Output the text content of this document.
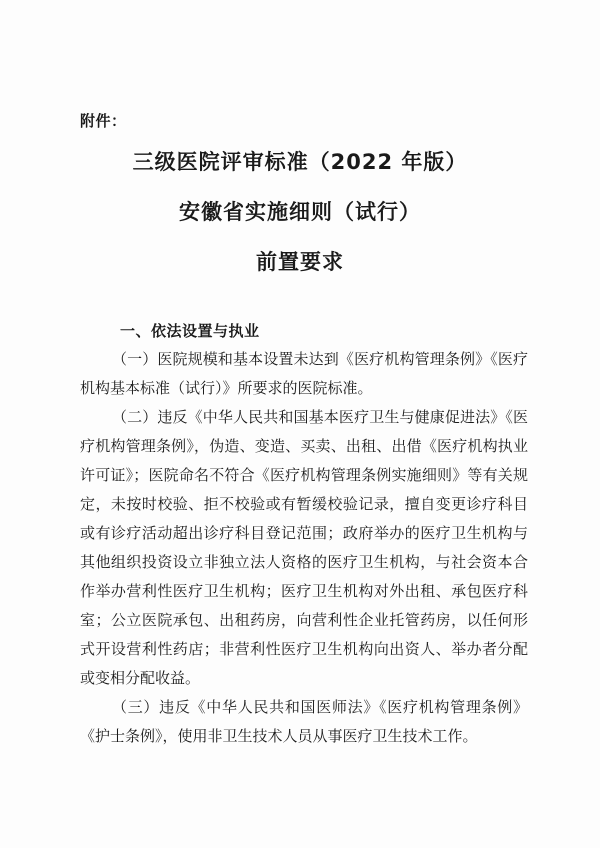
附件：
三级医院评审标准（2022 年版）
安徽省实施细则（试行）
前置要求
一、依法设置与执业

（一）医院规模和基本设置未达到《医疗机构管理条例》《医疗机构基本标准（试行）》所要求的医院标准。

（二）违反《中华人民共和国基本医疗卫生与健康促进法》《医疗机构管理条例》，伪造、变造、买卖、出租、出借《医疗机构执业许可证》；医院命名不符合《医疗机构管理条例实施细则》等有关规定，未按时校验、拒不校验或有暂缓校验记录，擅自变更诊疗科目或有诊疗活动超出诊疗科目登记范围；政府举办的医疗卫生机构与其他组织投资设立非独立法人资格的医疗卫生机构，与社会资本合作举办营利性医疗卫生机构；医疗卫生机构对外出租、承包医疗科室；公立医院承包、出租药房，向营利性企业托管药房，以任何形式开设营利性药店；非营利性医疗卫生机构向出资人、举办者分配或变相分配收益。

（三）违反《中华人民共和国医师法》《医疗机构管理条例》《护士条例》，使用非卫生技术人员从事医疗卫生技术工作。
